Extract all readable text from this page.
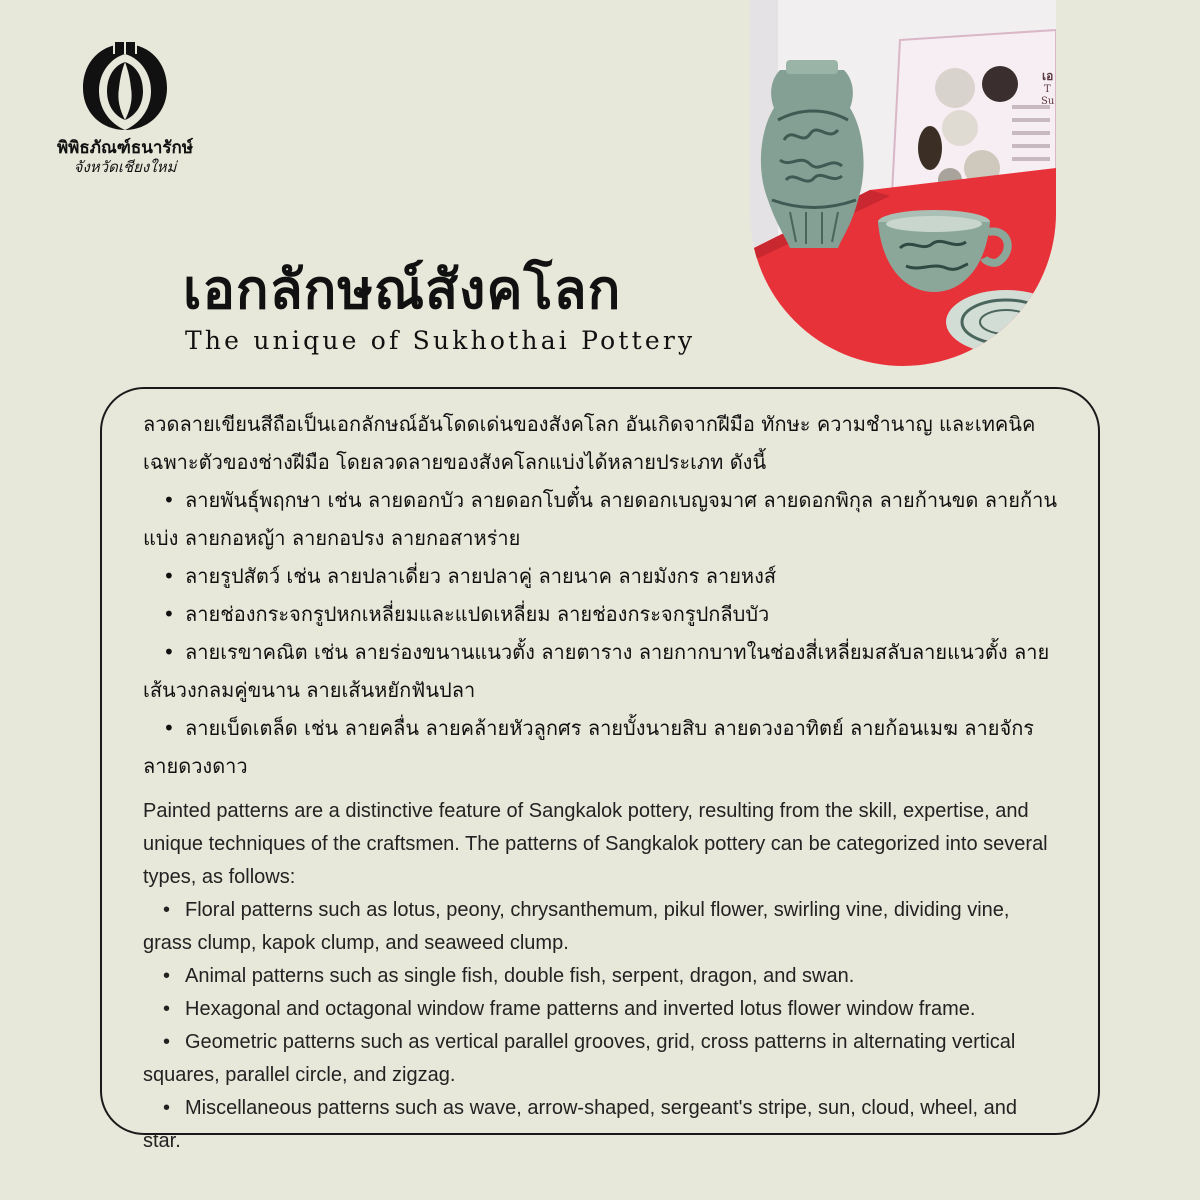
พิพิธภัณฑ์ธนารักษ์
จังหวัดเชียงใหม่
เอกลักษณ์สังคโลก
The unique of Sukhothai Pottery
เอ
T
Su

ลวดลายเขียนสีถือเป็นเอกลักษณ์อันโดดเด่นของสังคโลก อันเกิดจากฝีมือ ทักษะ ความชำนาญ และเทคนิคเฉพาะตัวของช่างฝีมือ โดยลวดลายของสังคโลกแบ่งได้หลายประเภท ดังนี้

• ลายพันธุ์พฤกษา เช่น ลายดอกบัว ลายดอกโบตั๋น ลายดอกเบญจมาศ ลายดอกพิกุล ลายก้านขด ลายก้านแบ่ง ลายกอหญ้า ลายกอปรง ลายกอสาหร่าย

• ลายรูปสัตว์ เช่น ลายปลาเดี่ยว ลายปลาคู่ ลายนาค ลายมังกร ลายหงส์

• ลายช่องกระจกรูปหกเหลี่ยมและแปดเหลี่ยม ลายช่องกระจกรูปกลีบบัว

• ลายเรขาคณิต เช่น ลายร่องขนานแนวตั้ง ลายตาราง ลายกากบาทในช่องสี่เหลี่ยมสลับลายแนวตั้ง ลายเส้นวงกลมคู่ขนาน ลายเส้นหยักฟันปลา

• ลายเบ็ดเตล็ด เช่น ลายคลื่น ลายคล้ายหัวลูกศร ลายบั้งนายสิบ ลายดวงอาทิตย์ ลายก้อนเมฆ ลายจักร ลายดวงดาว

Painted patterns are a distinctive feature of Sangkalok pottery, resulting from the skill, expertise, and unique techniques of the craftsmen. The patterns of Sangkalok pottery can be categorized into several types, as follows:

• Floral patterns such as lotus, peony, chrysanthemum, pikul flower, swirling vine, dividing vine, grass clump, kapok clump, and seaweed clump.

• Animal patterns such as single fish, double fish, serpent, dragon, and swan.

• Hexagonal and octagonal window frame patterns and inverted lotus flower window frame.

• Geometric patterns such as vertical parallel grooves, grid, cross patterns in alternating vertical squares, parallel circle, and zigzag.

• Miscellaneous patterns such as wave, arrow-shaped, sergeant's stripe, sun, cloud, wheel, and star.
